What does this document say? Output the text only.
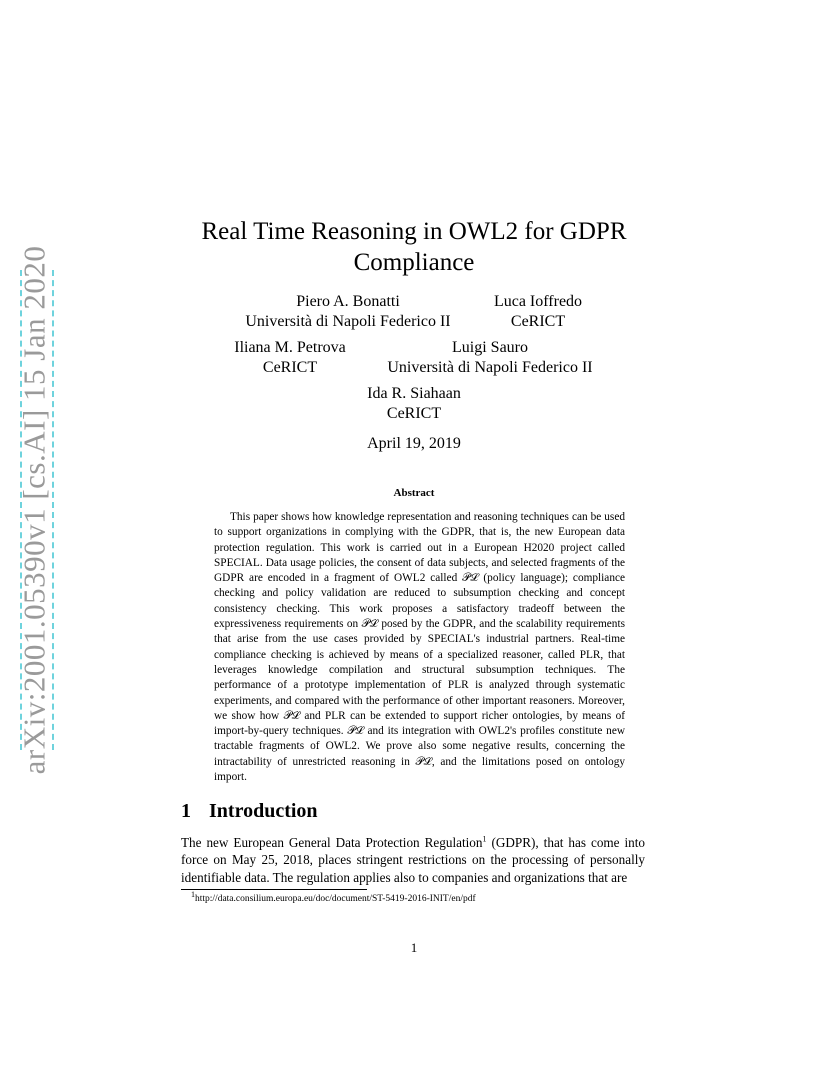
arXiv:2001.05390v1 [cs.AI] 15 Jan 2020
Real Time Reasoning in OWL2 for GDPR
Compliance
Piero A. Bonatti
Università di Napoli Federico II
Luca Ioffredo
CeRICT
Iliana M. Petrova
CeRICT
Luigi Sauro
Università di Napoli Federico II
Ida R. Siahaan
CeRICT
April 19, 2019
Abstract

This paper shows how knowledge representation and reasoning techniques can be used to support organizations in complying with the GDPR, that is, the new European data protection regulation. This work is carried out in a European H2020 project called SPECIAL. Data usage policies, the consent of data subjects, and selected fragments of the GDPR are encoded in a fragment of OWL2 called 𝒫ℒ (policy language); compliance checking and policy validation are reduced to subsumption checking and concept consistency checking. This work proposes a satisfactory tradeoff between the expressiveness requirements on 𝒫ℒ posed by the GDPR, and the scalability requirements that arise from the use cases provided by SPECIAL's industrial partners. Real-time compliance checking is achieved by means of a specialized reasoner, called PLR, that leverages knowledge compilation and structural subsumption techniques. The performance of a prototype implementation of PLR is analyzed through systematic experiments, and compared with the performance of other important reasoners. Moreover, we show how 𝒫ℒ and PLR can be extended to support richer ontologies, by means of import-by-query techniques. 𝒫ℒ and its integration with OWL2's profiles constitute new tractable fragments of OWL2. We prove also some negative results, concerning the intractability of unrestricted reasoning in 𝒫ℒ, and the limitations posed on ontology import.

1 Introduction

The new European General Data Protection Regulation$^1$ (GDPR), that has come into force on May 25, 2018, places stringent restrictions on the processing of personally identifiable data. The regulation applies also to companies and organizations that are

$^1$http://data.consilium.europa.eu/doc/document/ST-5419-2016-INIT/en/pdf
1
